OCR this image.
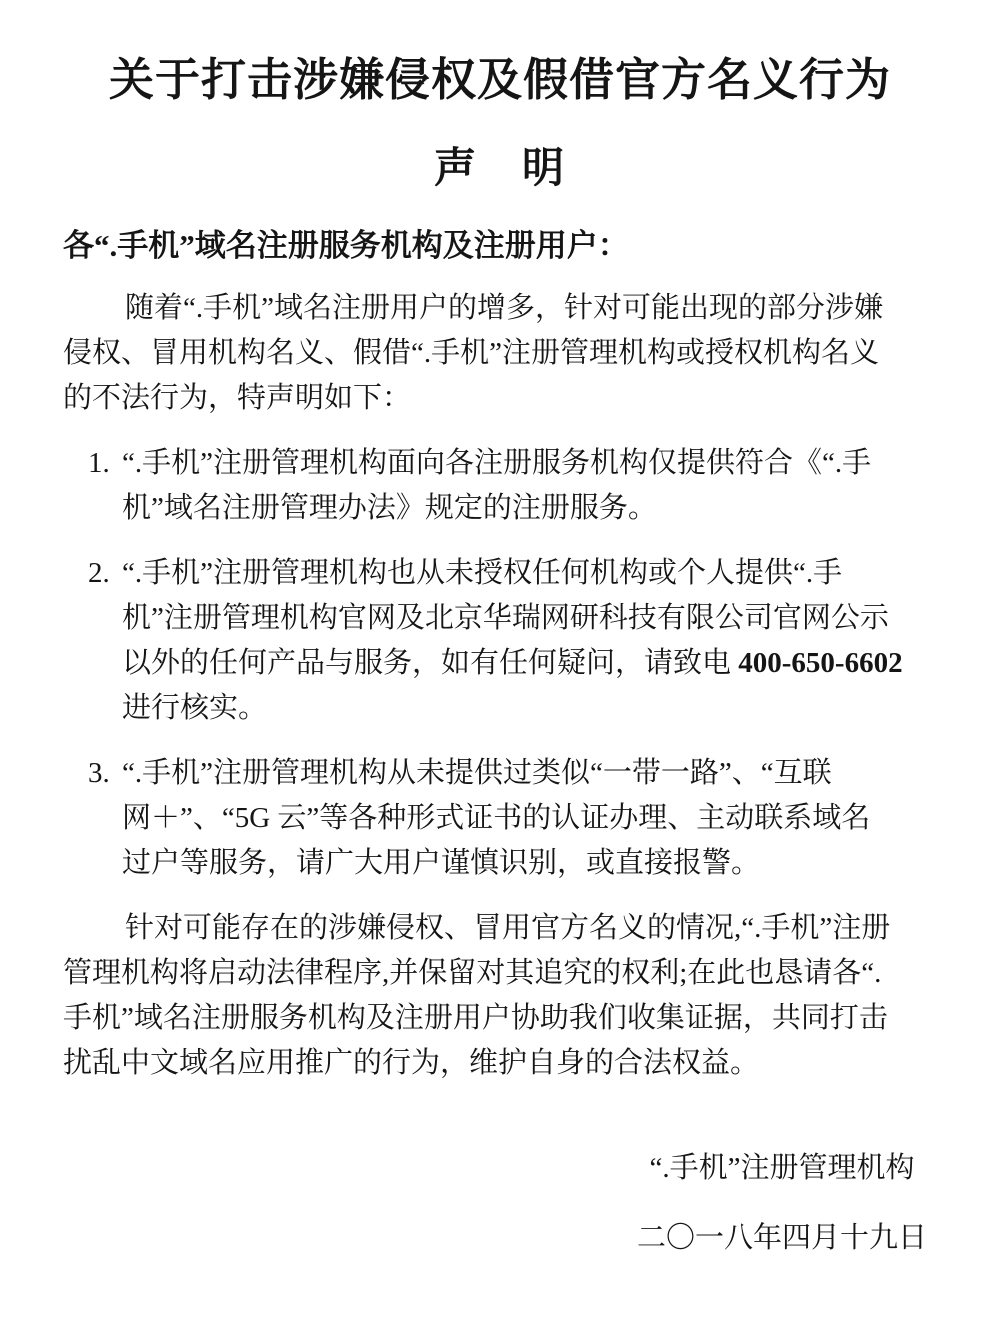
关于打击涉嫌侵权及假借官方名义行为
声　明
各“.手机”域名注册服务机构及注册用户：
随着“.手机”域名注册用户的增多，针对可能出现的部分涉嫌
侵权、冒用机构名义、假借“.手机”注册管理机构或授权机构名义
的不法行为，特声明如下：
1. “.手机”注册管理机构面向各注册服务机构仅提供符合《“.手
机”域名注册管理办法》规定的注册服务。
2. “.手机”注册管理机构也从未授权任何机构或个人提供“.手
机”注册管理机构官网及北京华瑞网研科技有限公司官网公示
以外的任何产品与服务，如有任何疑问，请致电 400-650-6602
进行核实。
3. “.手机”注册管理机构从未提供过类似“一带一路”、“互联
网＋”、“5G 云”等各种形式证书的认证办理、主动联系域名
过户等服务，请广大用户谨慎识别，或直接报警。
针对可能存在的涉嫌侵权、冒用官方名义的情况,“.手机”注册
管理机构将启动法律程序,并保留对其追究的权利;在此也恳请各“.
手机”域名注册服务机构及注册用户协助我们收集证据，共同打击
扰乱中文域名应用推广的行为，维护自身的合法权益。
“.手机”注册管理机构
二〇一八年四月十九日
